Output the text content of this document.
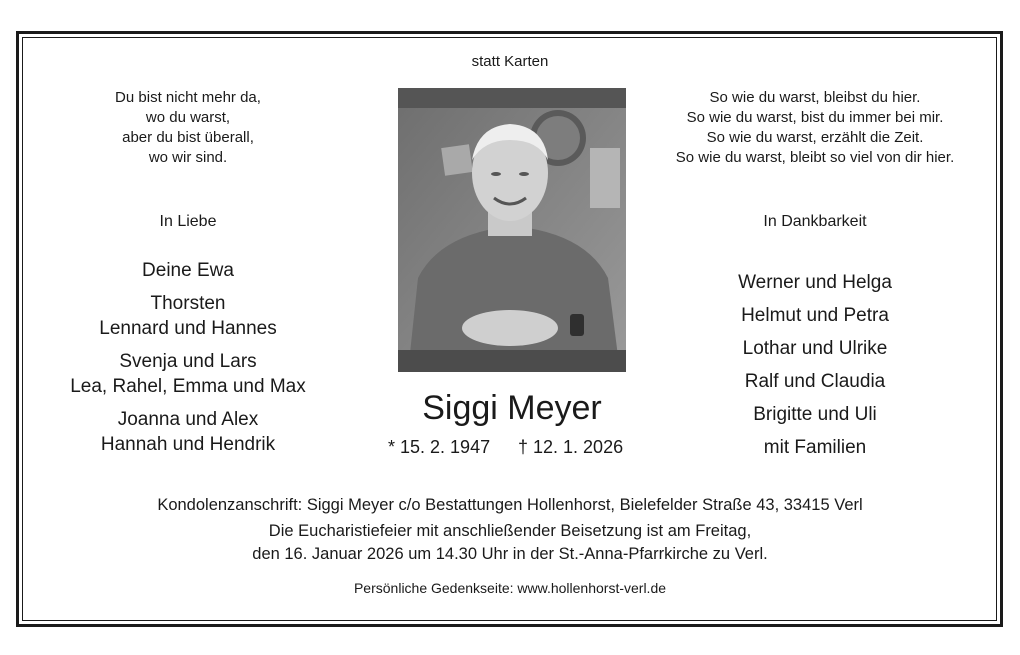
statt Karten
Du bist nicht mehr da,
wo du warst,
aber du bist überall,
wo wir sind.
So wie du warst, bleibst du hier.
So wie du warst, bist du immer bei mir.
So wie du warst, erzählt die Zeit.
So wie du warst, bleibt so viel von dir hier.
In Liebe	In Dankbarkeit
Deine Ewa
Thorsten
Lennard und Hannes
Svenja und Lars
Lea, Rahel, Emma und Max
Joanna und Alex
Hannah und Hendrik
Werner und Helga
Helmut und Petra
Lothar und Ulrike
Ralf und Claudia
Brigitte und Uli
mit Familien
Siggi Meyer
* 15. 2. 1947	† 12. 1. 2026
Kondolenzanschrift: Siggi Meyer c/o Bestattungen Hollenhorst, Bielefelder Straße 43, 33415 Verl
Die Eucharistiefeier mit anschließender Beisetzung ist am Freitag,
den 16. Januar 2026 um 14.30 Uhr in der St.-Anna-Pfarrkirche zu Verl.
Persönliche Gedenkseite: www.hollenhorst-verl.de
